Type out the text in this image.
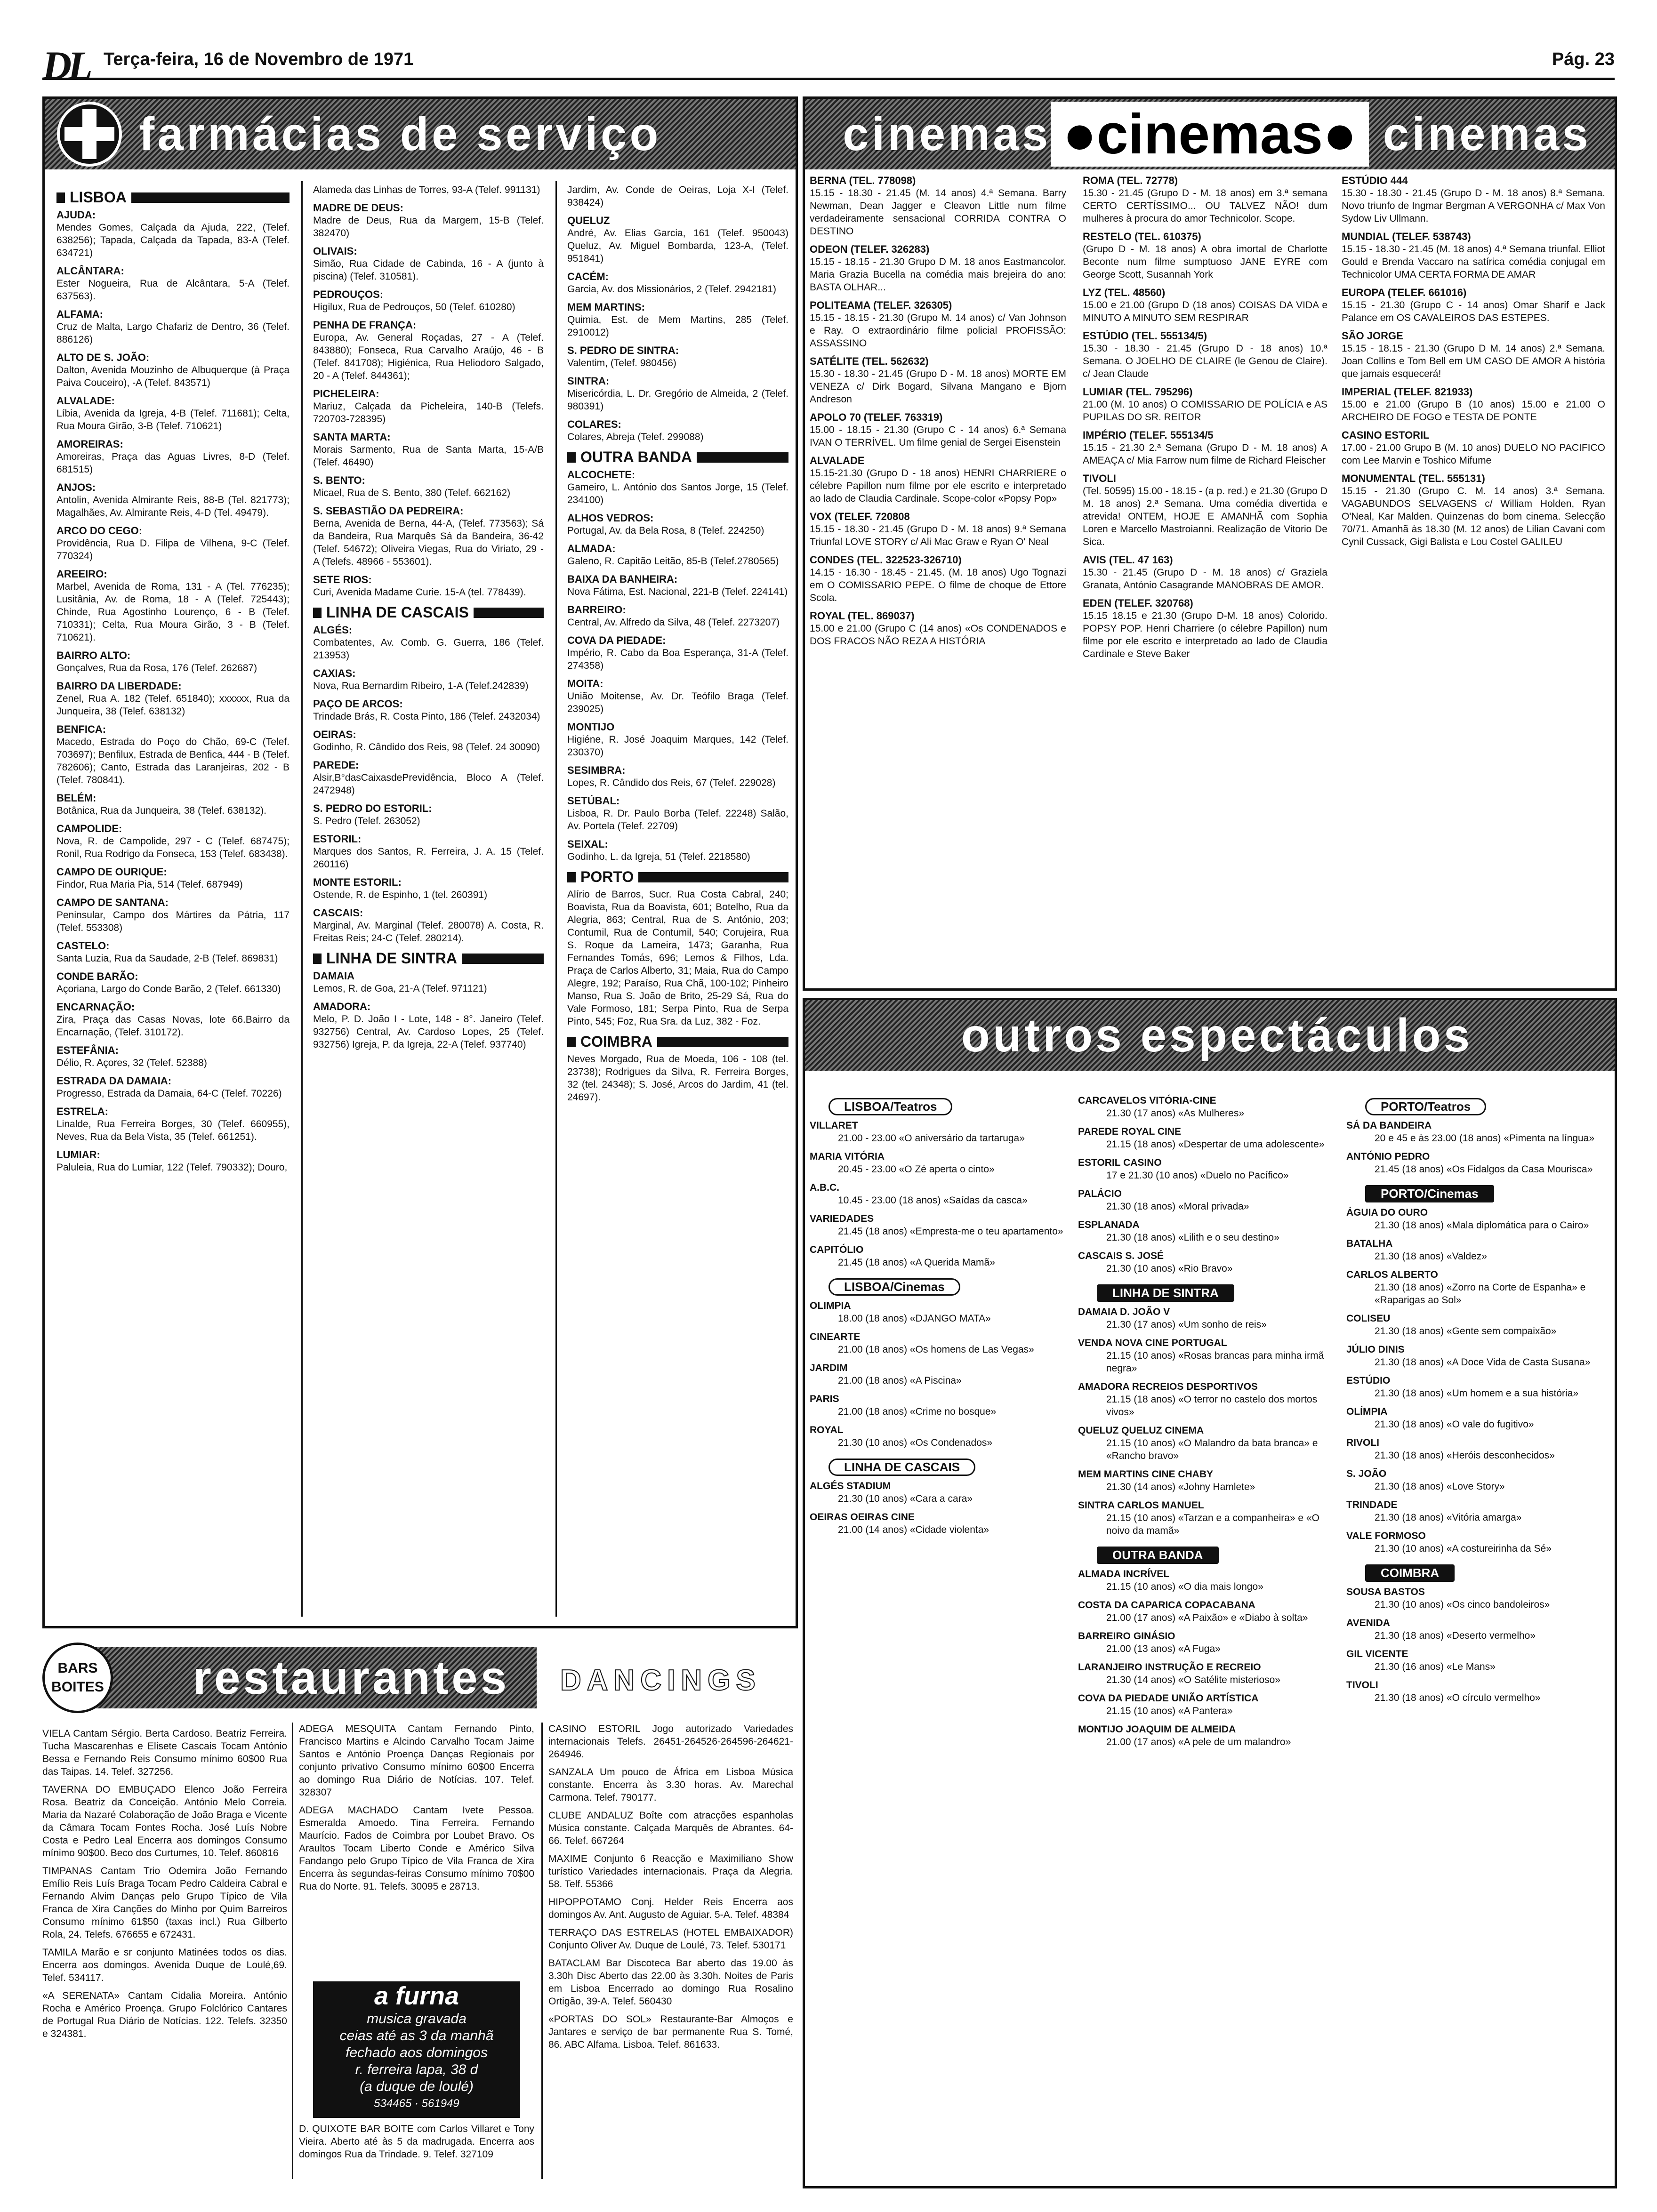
DL Terça-feira, 16 de Novembro de 1971	Pág. 23
farmácias de serviço
LISBOA
AJUDA:
Mendes Gomes, Calçada da Ajuda, 222, (Telef. 638256); Tapada, Calçada da Tapada, 83-A (Telef. 634721)
ALCÂNTARA:
Ester Nogueira, Rua de Alcântara, 5-A (Telef. 637563).
ALFAMA:
Cruz de Malta, Largo Chafariz de Dentro, 36 (Telef. 886126)
ALTO DE S. JOÃO:
Dalton, Avenida Mouzinho de Albuquerque (à Praça Paiva Couceiro), -A (Telef. 843571)
ALVALADE:
Líbia, Avenida da Igreja, 4-B (Telef. 711681); Celta, Rua Moura Girão, 3-B (Telef. 710621)
AMOREIRAS:
Amoreiras, Praça das Aguas Livres, 8-D (Telef. 681515)
ANJOS:
Antolin, Avenida Almirante Reis, 88-B (Tel. 821773); Magalhães, Av. Almirante Reis, 4-D (Tel. 49479).
ARCO DO CEGO:
Providência, Rua D. Filipa de Vilhena, 9-C (Telef. 770324)
AREEIRO:
Marbel, Avenida de Roma, 131 - A (Tel. 776235); Lusitânia, Av. de Roma, 18 - A (Telef. 725443); Chinde, Rua Agostinho Lourenço, 6 - B (Telef. 710331); Celta, Rua Moura Girão, 3 - B (Telef. 710621).
BAIRRO ALTO:
Gonçalves, Rua da Rosa, 176 (Telef. 262687)
BAIRRO DA LIBERDADE:
Zenel, Rua A. 182 (Telef. 651840); xxxxxx, Rua da Junqueira, 38 (Telef. 638132)
BENFICA:
Macedo, Estrada do Poço do Chão, 69-C (Telef. 703697); Benfilux, Estrada de Benfica, 444 - B (Telef. 782606); Canto, Estrada das Laranjeiras, 202 - B (Telef. 780841).
BELÉM:
Botânica, Rua da Junqueira, 38 (Telef. 638132).
CAMPOLIDE:
Nova, R. de Campolide, 297 - C (Telef. 687475); Ronil, Rua Rodrigo da Fonseca, 153 (Telef. 683438).
CAMPO DE OURIQUE:
Findor, Rua Maria Pia, 514 (Telef. 687949)
CAMPO DE SANTANA:
Peninsular, Campo dos Mártires da Pátria, 117 (Telef. 553308)
CASTELO:
Santa Luzia, Rua da Saudade, 2-B (Telef. 869831)
CONDE BARÃO:
Açoriana, Largo do Conde Barão, 2 (Telef. 661330)
ENCARNAÇÃO:
Zira, Praça das Casas Novas, lote 66.Bairro da Encarnação, (Telef. 310172).
ESTEFÂNIA:
Délio, R. Açores, 32 (Telef. 52388)
ESTRADA DA DAMAIA:
Progresso, Estrada da Damaia, 64-C (Telef. 70226)
ESTRELA:
Linalde, Rua Ferreira Borges, 30 (Telef. 660955), Neves, Rua da Bela Vista, 35 (Telef. 661251).
LUMIAR:
Paluleia, Rua do Lumiar, 122 (Telef. 790332); Douro,
Alameda das Linhas de Torres, 93-A (Telef. 991131)
MADRE DE DEUS:
Madre de Deus, Rua da Margem, 15-B (Telef. 382470)
OLIVAIS:
Simão, Rua Cidade de Cabinda, 16 - A (junto à piscina) (Telef. 310581).
PEDROUÇOS:
Higilux, Rua de Pedrouços, 50 (Telef. 610280)
PENHA DE FRANÇA:
Europa, Av. General Roçadas, 27 - A (Telef. 843880); Fonseca, Rua Carvalho Araújo, 46 - B (Telef. 841708); Higiénica, Rua Heliodoro Salgado, 20 - A (Telef. 844361);
PICHELEIRA:
Mariuz, Calçada da Picheleira, 140-B (Telefs. 720703-728395)
SANTA MARTA:
Morais Sarmento, Rua de Santa Marta, 15-A/B (Telef. 46490)
S. BENTO:
Micael, Rua de S. Bento, 380 (Telef. 662162)
S. SEBASTIÃO DA PEDREIRA:
Berna, Avenida de Berna, 44-A, (Telef. 773563); Sá da Bandeira, Rua Marquês Sá da Bandeira, 36-42 (Telef. 54672); Oliveira Viegas, Rua do Viriato, 29 - A (Telefs. 48966 - 553601).
SETE RIOS:
Curi, Avenida Madame Curie. 15-A (tel. 778439).
LINHA DE CASCAIS
ALGÉS:
Combatentes, Av. Comb. G. Guerra, 186 (Telef. 213953)
CAXIAS:
Nova, Rua Bernardim Ribeiro, 1-A (Telef.242839)
PAÇO DE ARCOS:
Trindade Brás, R. Costa Pinto, 186 (Telef. 2432034)
OEIRAS:
Godinho, R. Cândido dos Reis, 98 (Telef. 24 30090)
PAREDE:
Alsir,B°dasCaixasdePrevidência, Bloco A (Telef. 2472948)
S. PEDRO DO ESTORIL:
S. Pedro (Telef. 263052)
ESTORIL:
Marques dos Santos, R. Ferreira, J. A. 15 (Telef. 260116)
MONTE ESTORIL:
Ostende, R. de Espinho, 1 (tel. 260391)
CASCAIS:
Marginal, Av. Marginal (Telef. 280078) A. Costa, R. Freitas Reis; 24-C (Telef. 280214).
LINHA DE SINTRA
DAMAIA
Lemos, R. de Goa, 21-A (Telef. 971121)
AMADORA:
Melo, P. D. João I - Lote, 148 - 8°. Janeiro (Telef. 932756) Central, Av. Cardoso Lopes, 25 (Telef. 932756) Igreja, P. da Igreja, 22-A (Telef. 937740)
Jardim, Av. Conde de Oeiras, Loja X-I (Telef. 938424)
QUELUZ
André, Av. Elias Garcia, 161 (Telef. 950043) Queluz, Av. Miguel Bombarda, 123-A, (Telef. 951841)
CACÉM:
Garcia, Av. dos Missionários, 2 (Telef. 2942181)
MEM MARTINS:
Quimia, Est. de Mem Martins, 285 (Telef. 2910012)
S. PEDRO DE SINTRA:
Valentim, (Telef. 980456)
SINTRA:
Misericórdia, L. Dr. Gregório de Almeida, 2 (Telef. 980391)
COLARES:
Colares, Abreja (Telef. 299088)
OUTRA BANDA
ALCOCHETE:
Gameiro, L. António dos Santos Jorge, 15 (Telef. 234100)
ALHOS VEDROS:
Portugal, Av. da Bela Rosa, 8 (Telef. 224250)
ALMADA:
Galeno, R. Capitão Leitão, 85-B (Telef.2780565)
BAIXA DA BANHEIRA:
Nova Fátima, Est. Nacional, 221-B (Telef. 224141)
BARREIRO:
Central, Av. Alfredo da Silva, 48 (Telef. 2273207)
COVA DA PIEDADE:
Império, R. Cabo da Boa Esperança, 31-A (Telef. 274358)
MOITA:
União Moitense, Av. Dr. Teófilo Braga (Telef. 239025)
MONTIJO
Higiéne, R. José Joaquim Marques, 142 (Telef. 230370)
SESIMBRA:
Lopes, R. Cândido dos Reis, 67 (Telef. 229028)
SETÚBAL:
Lisboa, R. Dr. Paulo Borba (Telef. 22248) Salão, Av. Portela (Telef. 22709)
SEIXAL:
Godinho, L. da Igreja, 51 (Telef. 2218580)
PORTO
Alírio de Barros, Sucr. Rua Costa Cabral, 240; Boavista, Rua da Boavista, 601; Botelho, Rua da Alegria, 863; Central, Rua de S. António, 203; Contumil, Rua de Contumil, 540; Corujeira, Rua S. Roque da Lameira, 1473; Garanha, Rua Fernandes Tomás, 696; Lemos & Filhos, Lda. Praça de Carlos Alberto, 31; Maia, Rua do Campo Alegre, 192; Paraíso, Rua Chã, 100-102; Pinheiro Manso, Rua S. João de Brito, 25-29 Sá, Rua do Vale Formoso, 181; Serpa Pinto, Rua de Serpa Pinto, 545; Foz, Rua Sra. da Luz, 382 - Foz.
COIMBRA
Neves Morgado, Rua de Moeda, 106 - 108 (tel. 23738); Rodrigues da Silva, R. Ferreira Borges, 32 (tel. 24348); S. José, Arcos do Jardim, 41 (tel. 24697).
cinemas ●cinemas● cinemas
BERNA (TEL. 778098)
15.15 - 18.30 - 21.45 (M. 14 anos) 4.ª Semana. Barry Newman, Dean Jagger e Cleavon Little num filme verdadeiramente sensacional CORRIDA CONTRA O DESTINO
ODEON (TELEF. 326283)
15.15 - 18.15 - 21.30 Grupo D M. 18 anos Eastmancolor. Maria Grazia Bucella na comédia mais brejeira do ano: BASTA OLHAR...
POLITEAMA (TELEF. 326305)
15.15 - 18.15 - 21.30 (Grupo M. 14 anos) c/ Van Johnson e Ray. O extraordinário filme policial PROFISSÃO: ASSASSINO
SATÉLITE (TEL. 562632)
15.30 - 18.30 - 21.45 (Grupo D - M. 18 anos) MORTE EM VENEZA c/ Dirk Bogard, Silvana Mangano e Bjorn Andreson
APOLO 70 (TELEF. 763319)
15.00 - 18.15 - 21.30 (Grupo C - 14 anos) 6.ª Semana IVAN O TERRÍVEL. Um filme genial de Sergei Eisenstein
ALVALADE
15.15-21.30 (Grupo D - 18 anos) HENRI CHARRIERE o célebre Papillon num filme por ele escrito e interpretado ao lado de Claudia Cardinale. Scope-color «Popsy Pop»
VOX (TELEF. 720808
15.15 - 18.30 - 21.45 (Grupo D - M. 18 anos) 9.ª Semana Triunfal LOVE STORY c/ Ali Mac Graw e Ryan O' Neal
CONDES (TEL. 322523-326710)
14.15 - 16.30 - 18.45 - 21.45. (M. 18 anos) Ugo Tognazi em O COMISSARIO PEPE. O filme de choque de Ettore Scola.
ROYAL (TEL. 869037)
15.00 e 21.00 (Grupo C (14 anos) «Os CONDENADOS e DOS FRACOS NÃO REZA A HISTÓRIA
ROMA (TEL. 72778)
15.30 - 21.45 (Grupo D - M. 18 anos) em 3.ª semana CERTO CERTÍSSIMO... OU TALVEZ NÃO! dum mulheres à procura do amor Technicolor. Scope.
RESTELO (TEL. 610375)
(Grupo D - M. 18 anos) A obra imortal de Charlotte Beconte num filme sumptuoso JANE EYRE com George Scott, Susannah York
LYZ (TEL. 48560)
15.00 e 21.00 (Grupo D (18 anos) COISAS DA VIDA e MINUTO A MINUTO SEM RESPIRAR
ESTÚDIO (TEL. 555134/5)
15.30 - 18.30 - 21.45 (Grupo D - 18 anos) 10.ª Semana. O JOELHO DE CLAIRE (le Genou de Claire). c/ Jean Claude
LUMIAR (TEL. 795296)
21.00 (M. 10 anos) O COMISSARIO DE POLÍCIA e AS PUPILAS DO SR. REITOR
IMPÉRIO (TELEF. 555134/5
15.15 - 21.30 2.ª Semana (Grupo D - M. 18 anos) A AMEAÇA c/ Mia Farrow num filme de Richard Fleischer
TIVOLI
(Tel. 50595) 15.00 - 18.15 - (a p. red.) e 21.30 (Grupo D M. 18 anos) 2.ª Semana. Uma comédia divertida e atrevida! ONTEM, HOJE E AMANHÃ com Sophia Loren e Marcello Mastroianni. Realização de Vitorio De Sica.
AVIS (TEL. 47 163)
15.30 - 21.45 (Grupo D - M. 18 anos) c/ Graziela Granata, António Casagrande MANOBRAS DE AMOR.
EDEN (TELEF. 320768)
15.15 18.15 e 21.30 (Grupo D-M. 18 anos) Colorido. POPSY POP. Henri Charriere (o célebre Papillon) num filme por ele escrito e interpretado ao lado de Claudia Cardinale e Steve Baker
ESTÚDIO 444
15.30 - 18.30 - 21.45 (Grupo D - M. 18 anos) 8.ª Semana. Novo triunfo de Ingmar Bergman A VERGONHA c/ Max Von Sydow Liv Ullmann.
MUNDIAL (TELEF. 538743)
15.15 - 18.30 - 21.45 (M. 18 anos) 4.ª Semana triunfal. Elliot Gould e Brenda Vaccaro na satírica comédia conjugal em Technicolor UMA CERTA FORMA DE AMAR
EUROPA (TELEF. 661016)
15.15 - 21.30 (Grupo C - 14 anos) Omar Sharif e Jack Palance em OS CAVALEIROS DAS ESTEPES.
SÃO JORGE
15.15 - 18.15 - 21.30 (Grupo D M. 14 anos) 2.ª Semana. Joan Collins e Tom Bell em UM CASO DE AMOR A história que jamais esquecerá!
IMPERIAL (TELEF. 821933)
15.00 e 21.00 (Grupo B (10 anos) 15.00 e 21.00 O ARCHEIRO DE FOGO e TESTA DE PONTE
CASINO ESTORIL
17.00 - 21.00 Grupo B (M. 10 anos) DUELO NO PACIFICO com Lee Marvin e Toshico Mifume
MONUMENTAL (TEL. 555131)
15.15 - 21.30 (Grupo C. M. 14 anos) 3.ª Semana. VAGABUNDOS SELVAGENS c/ William Holden, Ryan O'Neal, Kar Malden. Quinzenas do bom cinema. Selecção 70/71. Amanhã às 18.30 (M. 12 anos) de Lilian Cavani com Cynil Cussack, Gigi Balista e Lou Costel GALILEU
outros espectáculos
LISBOA/Teatros
VILLARET
21.00 - 23.00 «O aniversário da tartaruga»
MARIA VITÓRIA
20.45 - 23.00 «O Zé aperta o cinto»
A.B.C.
10.45 - 23.00 (18 anos) «Saídas da casca»
VARIEDADES
21.45 (18 anos) «Empresta-me o teu apartamento»
CAPITÓLIO
21.45 (18 anos) «A Querida Mamã»
LISBOA/Cinemas
OLIMPIA
18.00 (18 anos) «DJANGO MATA»
CINEARTE
21.00 (18 anos) «Os homens de Las Vegas»
JARDIM
21.00 (18 anos) «A Piscina»
PARIS
21.00 (18 anos) «Crime no bosque»
ROYAL
21.30 (10 anos) «Os Condenados»
LINHA DE CASCAIS
ALGÉS STADIUM
21.30 (10 anos) «Cara a cara»
OEIRAS OEIRAS CINE
21.00 (14 anos) «Cidade violenta»
CARCAVELOS VITÓRIA-CINE
21.30 (17 anos) «As Mulheres»
PAREDE ROYAL CINE
21.15 (18 anos) «Despertar de uma adolescente»
ESTORIL CASINO
17 e 21.30 (10 anos) «Duelo no Pacífico»
PALÁCIO
21.30 (18 anos) «Moral privada»
ESPLANADA
21.30 (18 anos) «Lilith e o seu destino»
CASCAIS S. JOSÉ
21.30 (10 anos) «Rio Bravo»
LINHA DE SINTRA
DAMAIA D. JOÃO V
21.30 (17 anos) «Um sonho de reis»
VENDA NOVA CINE PORTUGAL
21.15 (10 anos) «Rosas brancas para minha irmã negra»
AMADORA RECREIOS DESPORTIVOS
21.15 (18 anos) «O terror no castelo dos mortos vivos»
QUELUZ QUELUZ CINEMA
21.15 (10 anos) «O Malandro da bata branca» e «Rancho bravo»
MEM MARTINS CINE CHABY
21.30 (14 anos) «Johny Hamlete»
SINTRA CARLOS MANUEL
21.15 (10 anos) «Tarzan e a companheira» e «O noivo da mamã»
OUTRA BANDA
ALMADA INCRÍVEL
21.15 (10 anos) «O dia mais longo»
COSTA DA CAPARICA COPACABANA
21.00 (17 anos) «A Paixão» e «Diabo à solta»
BARREIRO GINÁSIO
21.00 (13 anos) «A Fuga»
LARANJEIRO INSTRUÇÃO E RECREIO
21.30 (14 anos) «O Satélite misterioso»
COVA DA PIEDADE UNIÃO ARTÍSTICA
21.15 (10 anos) «A Pantera»
MONTIJO JOAQUIM DE ALMEIDA
21.00 (17 anos) «A pele de um malandro»
PORTO/Teatros
SÁ DA BANDEIRA
20 e 45 e às 23.00 (18 anos) «Pimenta na língua»
ANTÓNIO PEDRO
21.45 (18 anos) «Os Fidalgos da Casa Mourisca»
PORTO/Cinemas
ÁGUIA DO OURO
21.30 (18 anos) «Mala diplomática para o Cairo»
BATALHA
21.30 (18 anos) «Valdez»
CARLOS ALBERTO
21.30 (18 anos) «Zorro na Corte de Espanha» e «Raparigas ao Sol»
COLISEU
21.30 (18 anos) «Gente sem compaixão»
JÚLIO DINIS
21.30 (18 anos) «A Doce Vida de Casta Susana»
ESTÚDIO
21.30 (18 anos) «Um homem e a sua história»
OLÍMPIA
21.30 (18 anos) «O vale do fugitivo»
RIVOLI
21.30 (18 anos) «Heróis desconhecidos»
S. JOÃO
21.30 (18 anos) «Love Story»
TRINDADE
21.30 (18 anos) «Vitória amarga»
VALE FORMOSO
21.30 (10 anos) «A costureirinha da Sé»
COIMBRA
SOUSA BASTOS
21.30 (10 anos) «Os cinco bandoleiros»
AVENIDA
21.30 (18 anos) «Deserto vermelho»
GIL VICENTE
21.30 (16 anos) «Le Mans»
TIVOLI
21.30 (18 anos) «O círculo vermelho»
restaurantes
BARS BOITES	DANCINGS
VIELA Cantam Sérgio. Berta Cardoso. Beatriz Ferreira. Tucha Mascarenhas e Elisete Cascais Tocam António Bessa e Fernando Reis Consumo mínimo 60$00 Rua das Taipas. 14. Telef. 327256.
TAVERNA DO EMBUÇADO Elenco João Ferreira Rosa. Beatriz da Conceição. António Melo Correia. Maria da Nazaré Colaboração de João Braga e Vicente da Câmara Tocam Fontes Rocha. José Luís Nobre Costa e Pedro Leal Encerra aos domingos Consumo mínimo 90$00. Beco dos Curtumes, 10. Telef. 860816
TIMPANAS Cantam Trio Odemira João Fernando Emílio Reis Luís Braga Tocam Pedro Caldeira Cabral e Fernando Alvim Danças pelo Grupo Típico de Vila Franca de Xira Canções do Minho por Quim Barreiros Consumo mínimo 61$50 (taxas incl.) Rua Gilberto Rola, 24. Telefs. 676655 e 672431.
TAMILA Marão e sr conjunto Matinées todos os dias. Encerra aos domingos. Avenida Duque de Loulé,69. Telef. 534117.
«A SERENATA» Cantam Cidalia Moreira. António Rocha e Américo Proença. Grupo Folclórico Cantares de Portugal Rua Diário de Notícias. 122. Telefs. 32350 e 324381.
ADEGA MESQUITA Cantam Fernando Pinto, Francisco Martins e Alcindo Carvalho Tocam Jaime Santos e António Proença Danças Regionais por conjunto privativo Consumo mínimo 60$00 Encerra ao domingo Rua Diário de Notícias. 107. Telef. 328307
ADEGA MACHADO Cantam Ivete Pessoa. Esmeralda Amoedo. Tina Ferreira. Fernando Maurício. Fados de Coimbra por Loubet Bravo. Os Araultos Tocam Liberto Conde e Américo Silva Fandango pelo Grupo Típico de Vila Franca de Xira Encerra às segundas-feiras Consumo mínimo 70$00 Rua do Norte. 91. Telefs. 30095 e 28713.
a furna
musica gravada
ceias até as 3 da manhã
fechado aos domingos
r. ferreira lapa, 38 d
(a duque de loulé)
534465 · 561949
D. QUIXOTE BAR BOITE com Carlos Villaret e Tony Vieira. Aberto até às 5 da madrugada. Encerra aos domingos Rua da Trindade. 9. Telef. 327109
CASINO ESTORIL Jogo autorizado Variedades internacionais Telefs. 26451-264526-264596-264621-264946.
SANZALA Um pouco de África em Lisboa Música constante. Encerra às 3.30 horas. Av. Marechal Carmona. Telef. 790177.
CLUBE ANDALUZ Boîte com atracções espanholas Música constante. Calçada Marquês de Abrantes. 64-66. Telef. 667264
MAXIME Conjunto 6 Reacção e Maximiliano Show turístico Variedades internacionais. Praça da Alegria. 58. Telf. 55366
HIPOPPOTAMO Conj. Helder Reis Encerra aos domingos Av. Ant. Augusto de Aguiar. 5-A. Telef. 48384
TERRAÇO DAS ESTRELAS (HOTEL EMBAIXADOR) Conjunto Oliver Av. Duque de Loulé, 73. Telef. 530171
BATACLAM Bar Discoteca Bar aberto das 19.00 às 3.30h Disc Aberto das 22.00 às 3.30h. Noites de Paris em Lisboa Encerrado ao domingo Rua Rosalino Ortigão, 39-A. Telef. 560430
«PORTAS DO SOL» Restaurante-Bar Almoços e Jantares e serviço de bar permanente Rua S. Tomé, 86. ABC Alfama. Lisboa. Telef. 861633.
